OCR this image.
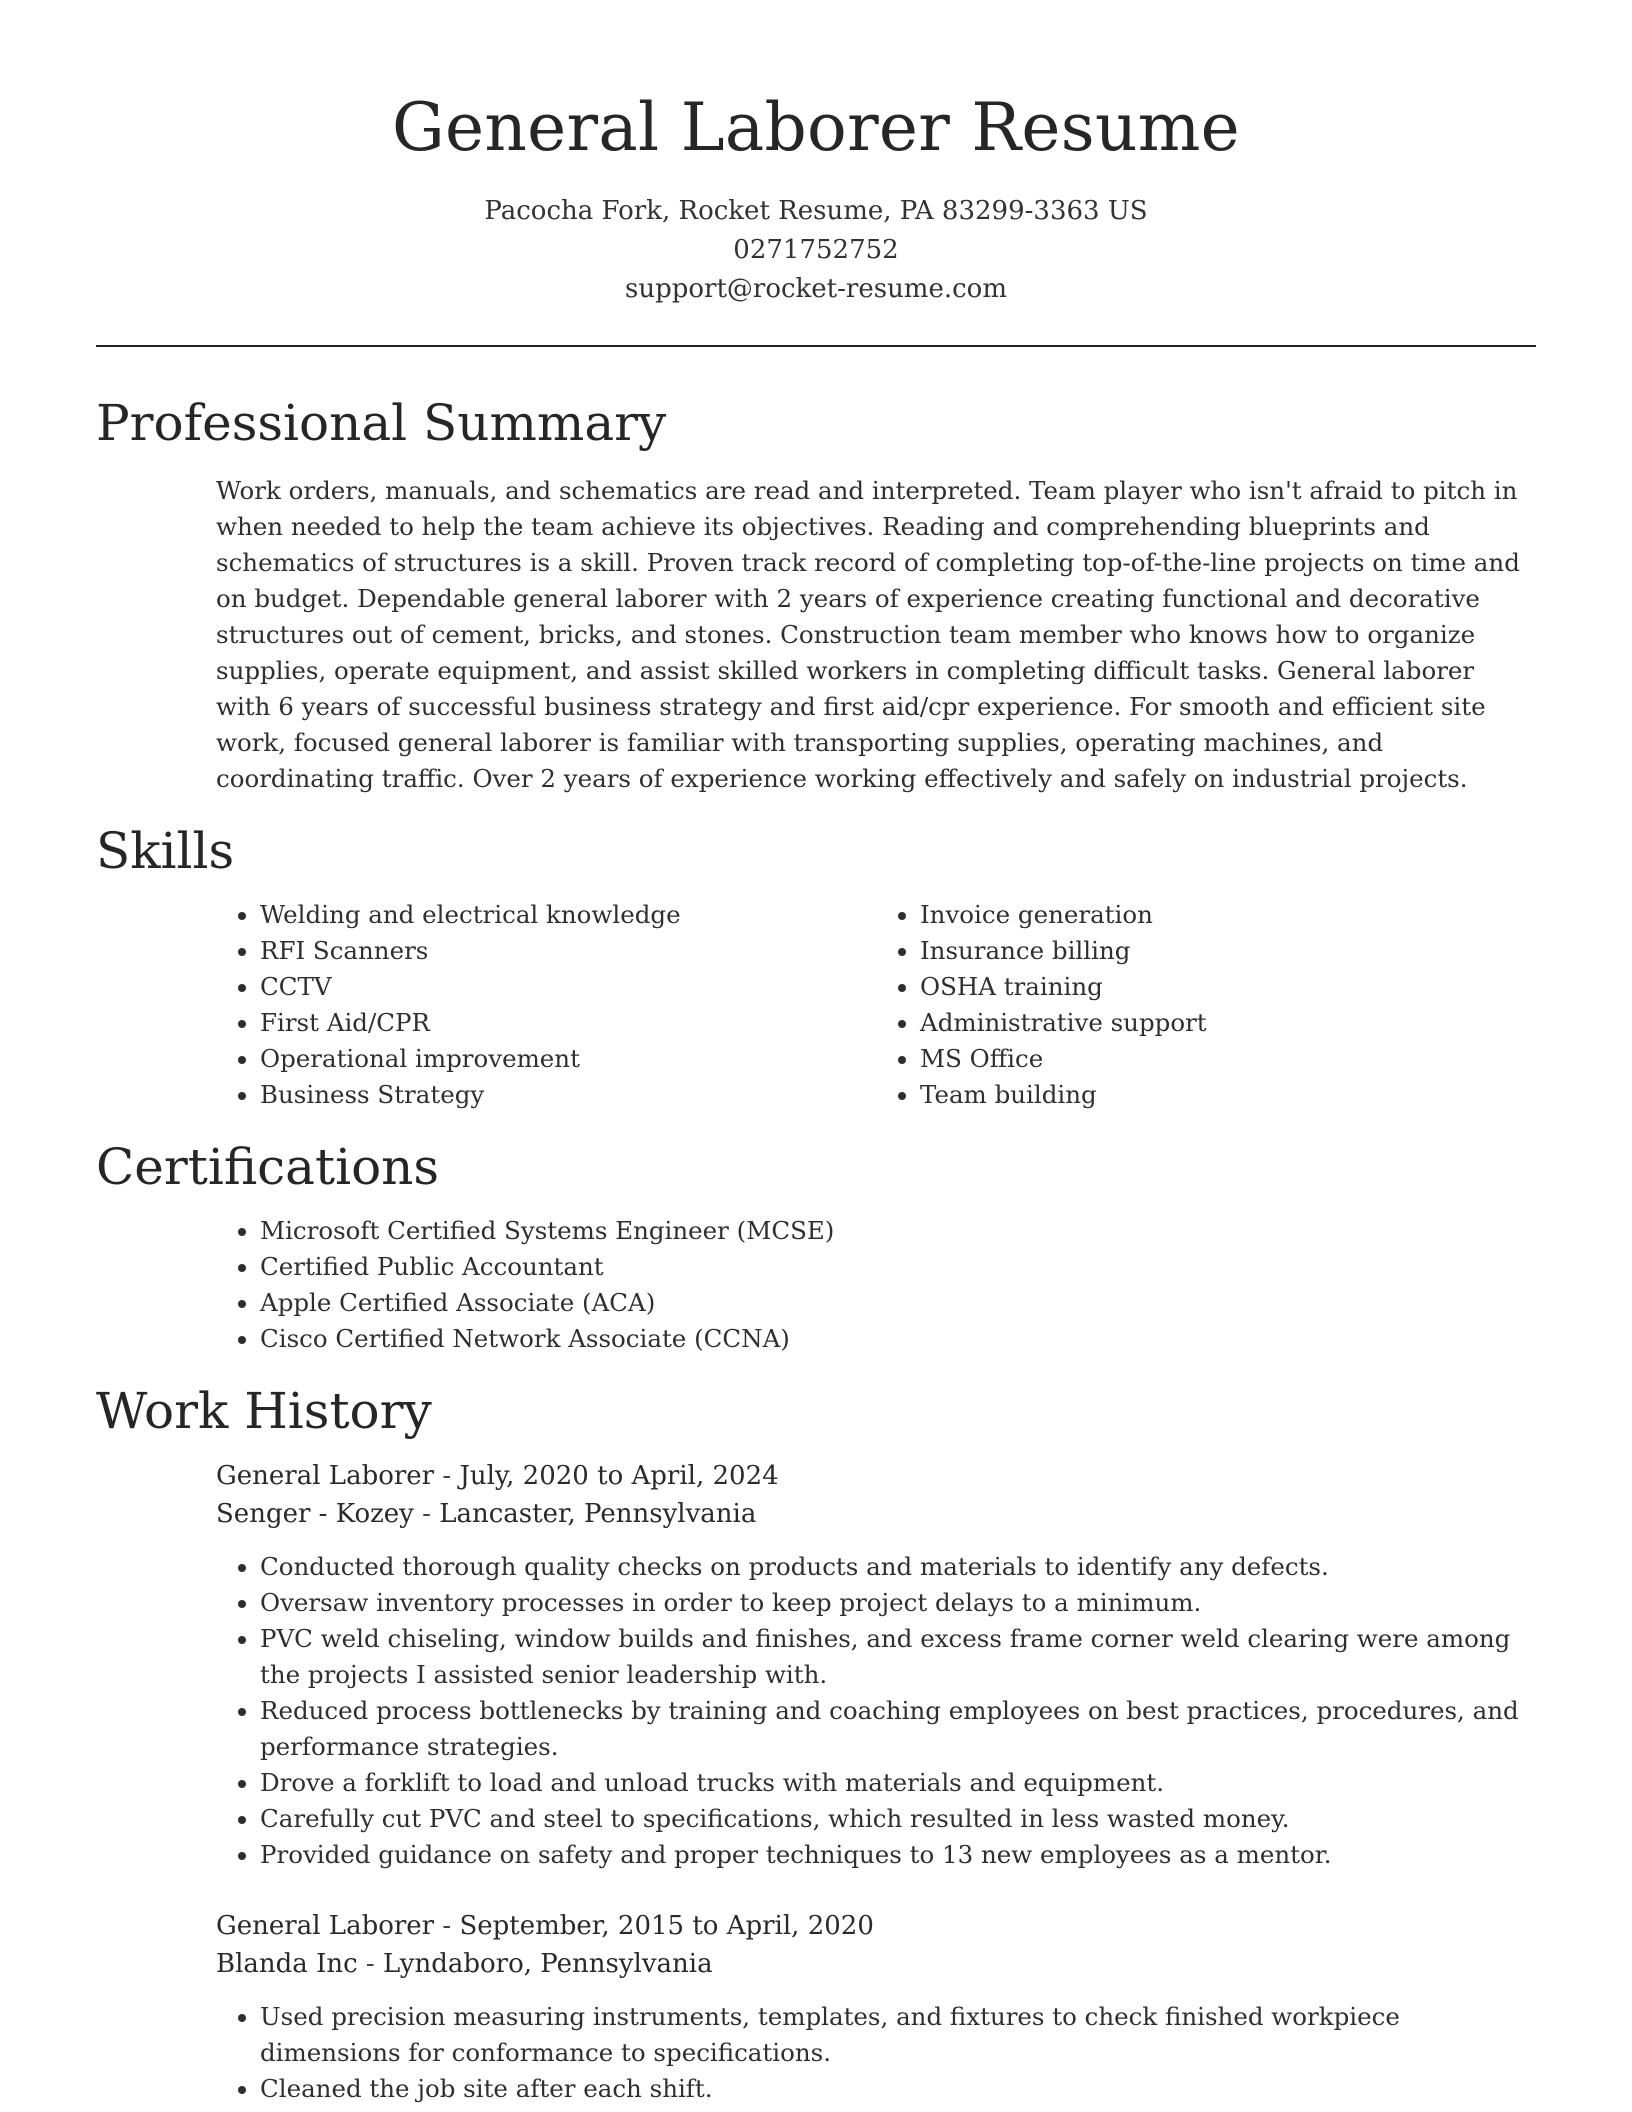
General Laborer Resume
Pacocha Fork, Rocket Resume, PA 83299-3363 US
0271752752
support@rocket-resume.com
Professional Summary
Work orders, manuals, and schematics are read and interpreted. Team player who isn't afraid to pitch in when needed to help the team achieve its objectives. Reading and comprehending blueprints and schematics of structures is a skill. Proven track record of completing top-of-the-line projects on time and on budget. Dependable general laborer with 2 years of experience creating functional and decorative structures out of cement, bricks, and stones. Construction team member who knows how to organize supplies, operate equipment, and assist skilled workers in completing difficult tasks. General laborer with 6 years of successful business strategy and first aid/cpr experience. For smooth and efficient site work, focused general laborer is familiar with transporting supplies, operating machines, and coordinating traffic. Over 2 years of experience working effectively and safely on industrial projects.
Skills
• Welding and electrical knowledge
• RFI Scanners
• CCTV
• First Aid/CPR
• Operational improvement
• Business Strategy
• Invoice generation
• Insurance billing
• OSHA training
• Administrative support
• MS Office
• Team building
Certifications
• Microsoft Certified Systems Engineer (MCSE)
• Certified Public Accountant
• Apple Certified Associate (ACA)
• Cisco Certified Network Associate (CCNA)
Work History
General Laborer - July, 2020 to April, 2024
Senger - Kozey - Lancaster, Pennsylvania
• Conducted thorough quality checks on products and materials to identify any defects.
• Oversaw inventory processes in order to keep project delays to a minimum.
• PVC weld chiseling, window builds and finishes, and excess frame corner weld clearing were among the projects I assisted senior leadership with.
• Reduced process bottlenecks by training and coaching employees on best practices, procedures, and performance strategies.
• Drove a forklift to load and unload trucks with materials and equipment.
• Carefully cut PVC and steel to specifications, which resulted in less wasted money.
• Provided guidance on safety and proper techniques to 13 new employees as a mentor.
General Laborer - September, 2015 to April, 2020
Blanda Inc - Lyndaboro, Pennsylvania
• Used precision measuring instruments, templates, and fixtures to check finished workpiece dimensions for conformance to specifications.
• Cleaned the job site after each shift.
